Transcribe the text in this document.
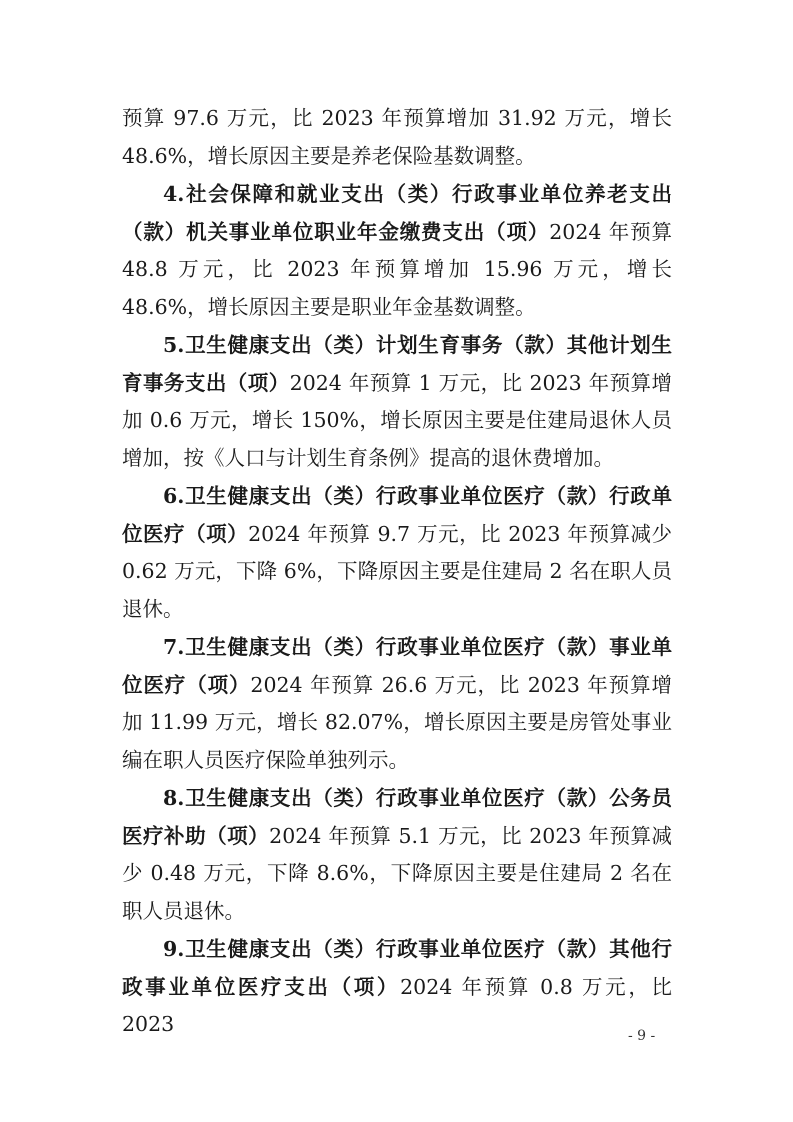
预算 97.6 万元，比 2023 年预算增加 31.92 万元，增长 48.6%，增长原因主要是养老保险基数调整。

4.社会保障和就业支出（类）行政事业单位养老支出（款）机关事业单位职业年金缴费支出（项）2024 年预算 48.8 万元，比 2023 年预算增加 15.96 万元，增长 48.6%，增长原因主要是职业年金基数调整。

5.卫生健康支出（类）计划生育事务（款）其他计划生育事务支出（项）2024 年预算 1 万元，比 2023 年预算增加 0.6 万元，增长 150%，增长原因主要是住建局退休人员增加，按《人口与计划生育条例》提高的退休费增加。

6.卫生健康支出（类）行政事业单位医疗（款）行政单位医疗（项）2024 年预算 9.7 万元，比 2023 年预算减少 0.62 万元，下降 6%，下降原因主要是住建局 2 名在职人员退休。

7.卫生健康支出（类）行政事业单位医疗（款）事业单位医疗（项）2024 年预算 26.6 万元，比 2023 年预算增加 11.99 万元，增长 82.07%，增长原因主要是房管处事业编在职人员医疗保险单独列示。

8.卫生健康支出（类）行政事业单位医疗（款）公务员医疗补助（项）2024 年预算 5.1 万元，比 2023 年预算减少 0.48 万元，下降 8.6%，下降原因主要是住建局 2 名在职人员退休。

9.卫生健康支出（类）行政事业单位医疗（款）其他行政事业单位医疗支出（项）2024 年预算 0.8 万元，比 2023	- 9 -
